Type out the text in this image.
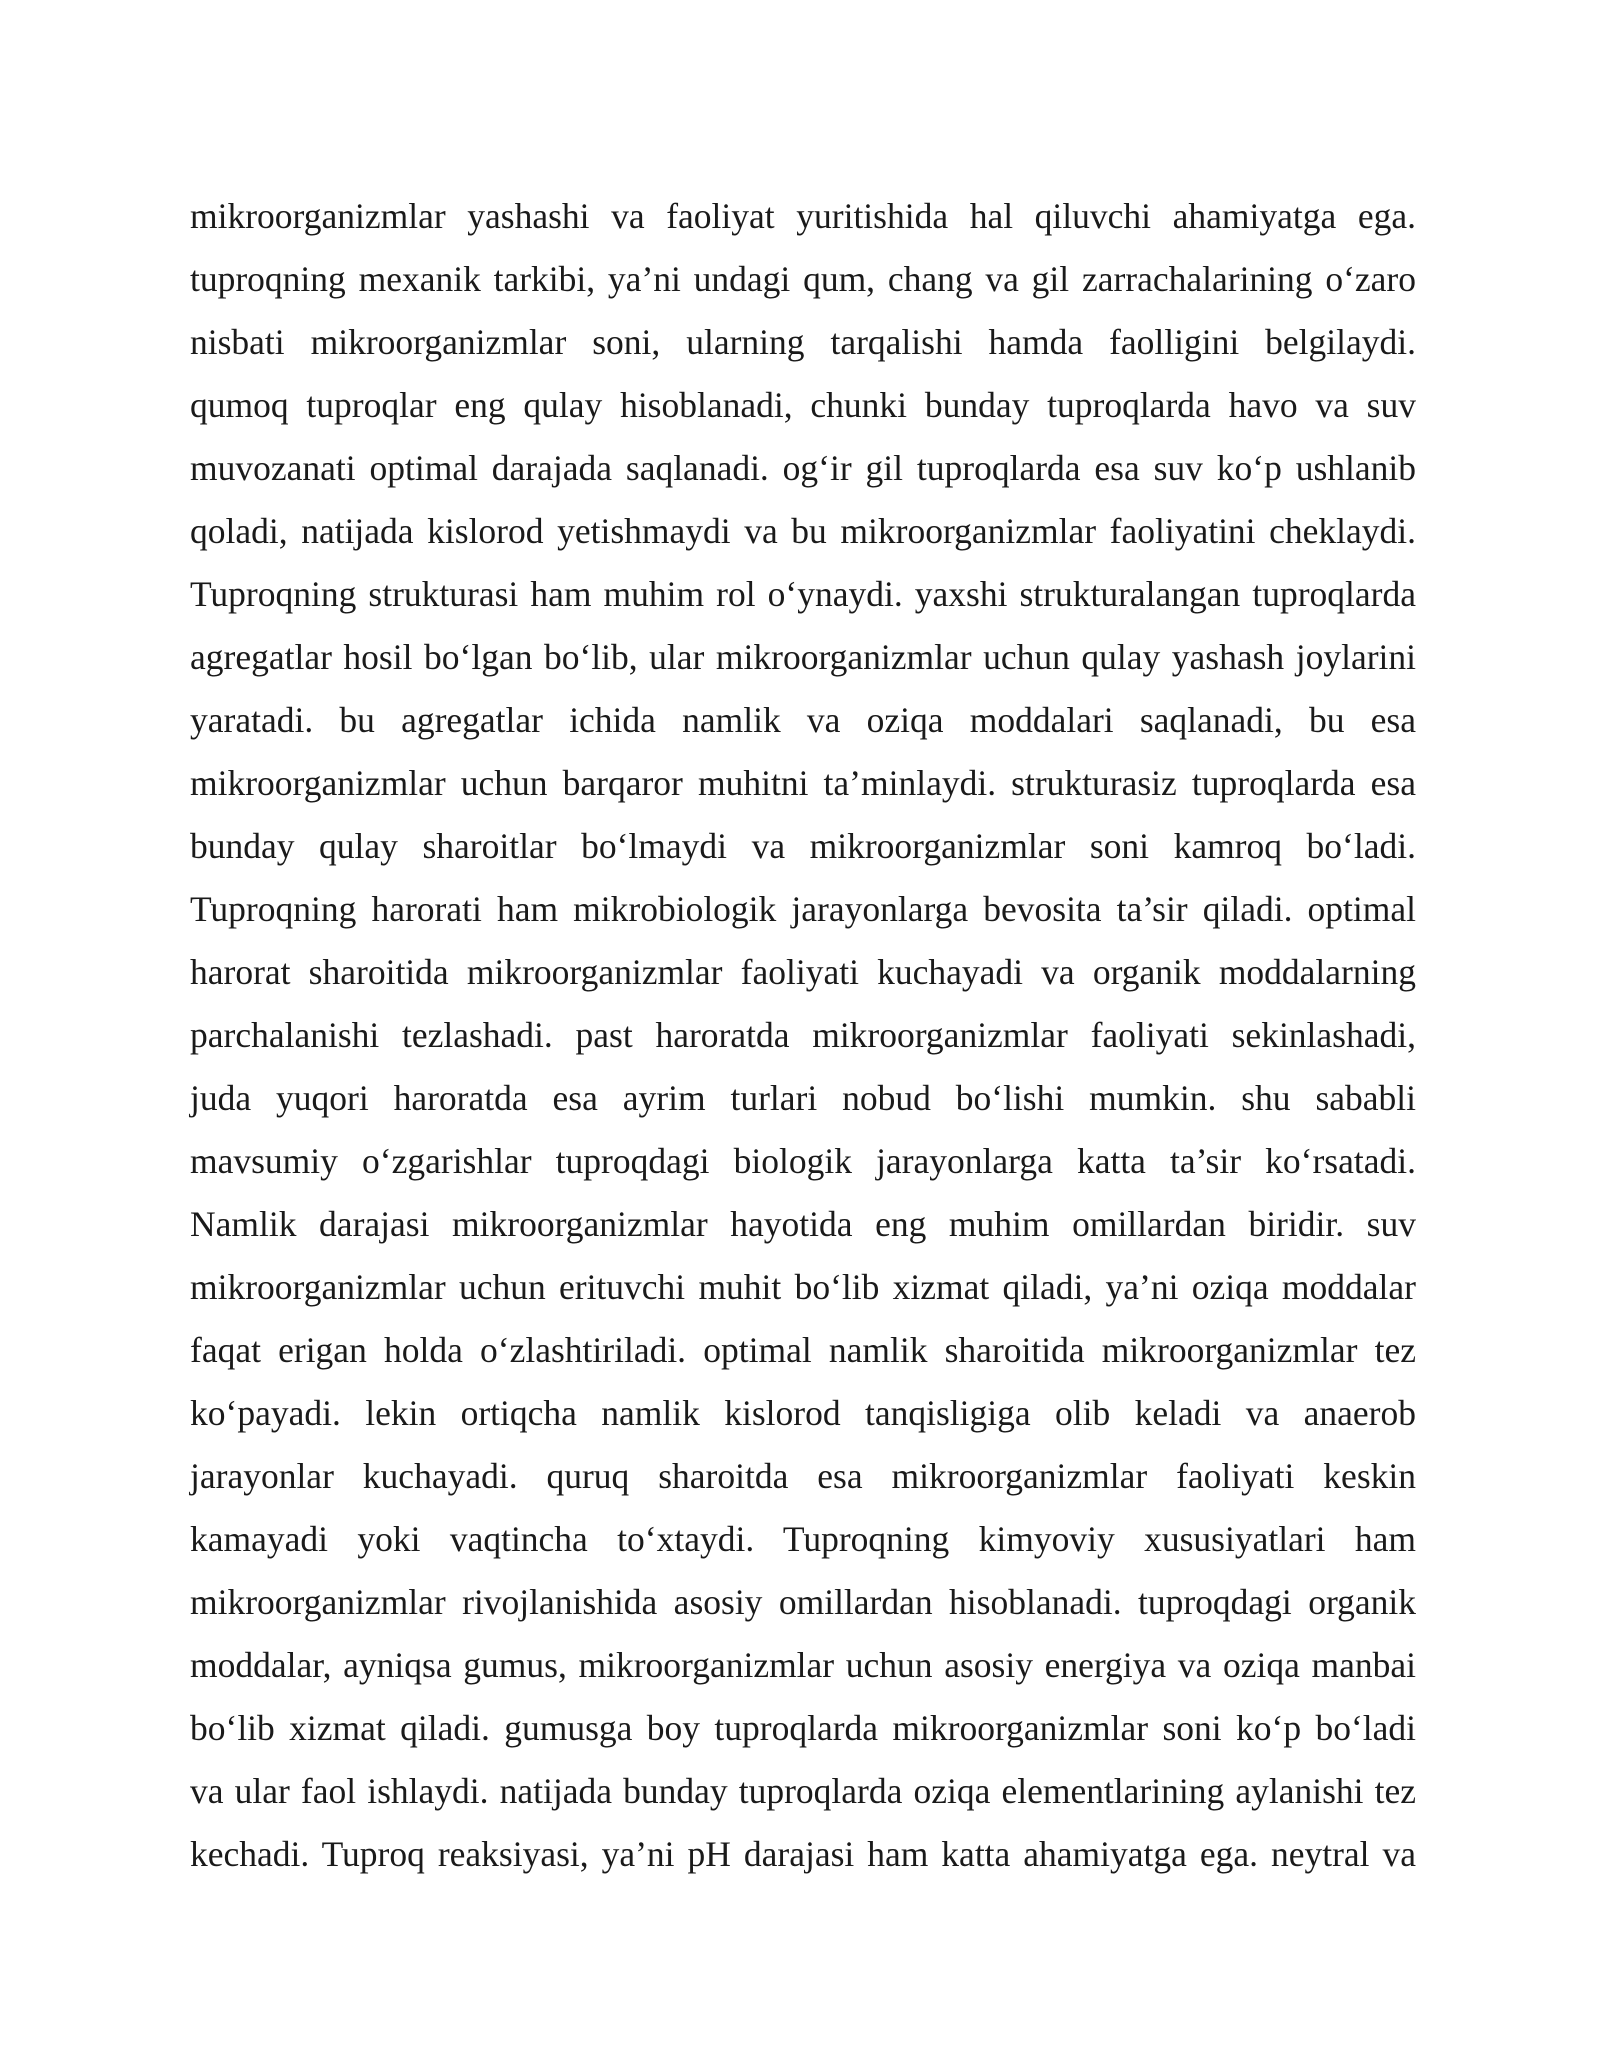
mikroorganizmlar yashashi va faoliyat yuritishida hal qiluvchi ahamiyatga ega.
tuproqning mexanik tarkibi, ya’ni undagi qum, chang va gil zarrachalarining o‘zaro
nisbati mikroorganizmlar soni, ularning tarqalishi hamda faolligini belgilaydi.
qumoq tuproqlar eng qulay hisoblanadi, chunki bunday tuproqlarda havo va suv
muvozanati optimal darajada saqlanadi. og‘ir gil tuproqlarda esa suv ko‘p ushlanib
qoladi, natijada kislorod yetishmaydi va bu mikroorganizmlar faoliyatini cheklaydi.
Tuproqning strukturasi ham muhim rol o‘ynaydi. yaxshi strukturalangan tuproqlarda
agregatlar hosil bo‘lgan bo‘lib, ular mikroorganizmlar uchun qulay yashash joylarini
yaratadi. bu agregatlar ichida namlik va oziqa moddalari saqlanadi, bu esa
mikroorganizmlar uchun barqaror muhitni ta’minlaydi. strukturasiz tuproqlarda esa
bunday qulay sharoitlar bo‘lmaydi va mikroorganizmlar soni kamroq bo‘ladi.
Tuproqning harorati ham mikrobiologik jarayonlarga bevosita ta’sir qiladi. optimal
harorat sharoitida mikroorganizmlar faoliyati kuchayadi va organik moddalarning
parchalanishi tezlashadi. past haroratda mikroorganizmlar faoliyati sekinlashadi,
juda yuqori haroratda esa ayrim turlari nobud bo‘lishi mumkin. shu sababli
mavsumiy o‘zgarishlar tuproqdagi biologik jarayonlarga katta ta’sir ko‘rsatadi.
Namlik darajasi mikroorganizmlar hayotida eng muhim omillardan biridir. suv
mikroorganizmlar uchun erituvchi muhit bo‘lib xizmat qiladi, ya’ni oziqa moddalar
faqat erigan holda o‘zlashtiriladi. optimal namlik sharoitida mikroorganizmlar tez
ko‘payadi. lekin ortiqcha namlik kislorod tanqisligiga olib keladi va anaerob
jarayonlar kuchayadi. quruq sharoitda esa mikroorganizmlar faoliyati keskin
kamayadi yoki vaqtincha to‘xtaydi. Tuproqning kimyoviy xususiyatlari ham
mikroorganizmlar rivojlanishida asosiy omillardan hisoblanadi. tuproqdagi organik
moddalar, ayniqsa gumus, mikroorganizmlar uchun asosiy energiya va oziqa manbai
bo‘lib xizmat qiladi. gumusga boy tuproqlarda mikroorganizmlar soni ko‘p bo‘ladi
va ular faol ishlaydi. natijada bunday tuproqlarda oziqa elementlarining aylanishi tez
kechadi. Tuproq reaksiyasi, ya’ni pH darajasi ham katta ahamiyatga ega. neytral va
